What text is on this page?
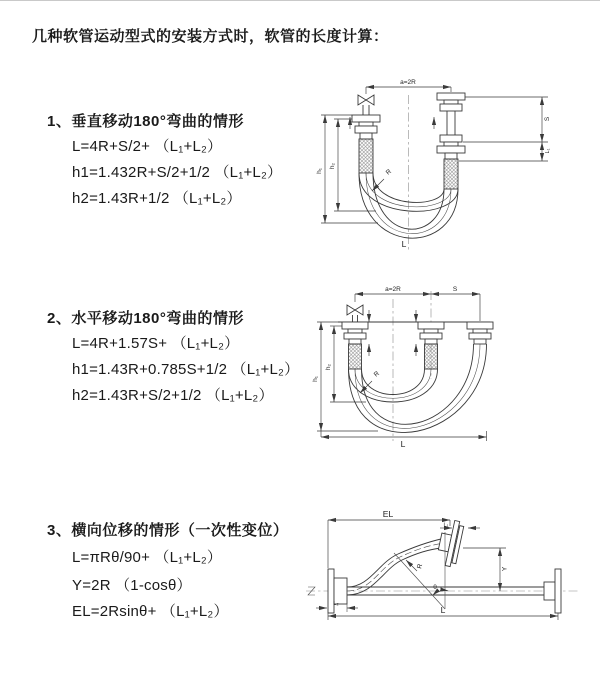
几种软管运动型式的安装方式时，软管的长度计算：
1、垂直移动180°弯曲的情形
L=4R+S/2+ （L₁+L₂）
h1=1.432R+S/2+1/2 （L₁+L₂）
h2=1.43R+1/2 （L₁+L₂）
2、水平移动180°弯曲的情形
L=4R+1.57S+ （L₁+L₂）
h1=1.43R+0.785S+1/2 （L₁+L₂）
h2=1.43R+S/2+1/2 （L₁+L₂）
3、横向位移的情形（一次性变位）
L=πRθ/90+ （L₁+L₂）
Y=2R （1-cosθ）
EL=2Rsinθ+ （L₁+L₂）
a=2R
R
h₂
h₁
S
L₁
L
a=2R	S
R
h₂
h₁
L
θ
R
EL
L₁
Y
L₂
L
